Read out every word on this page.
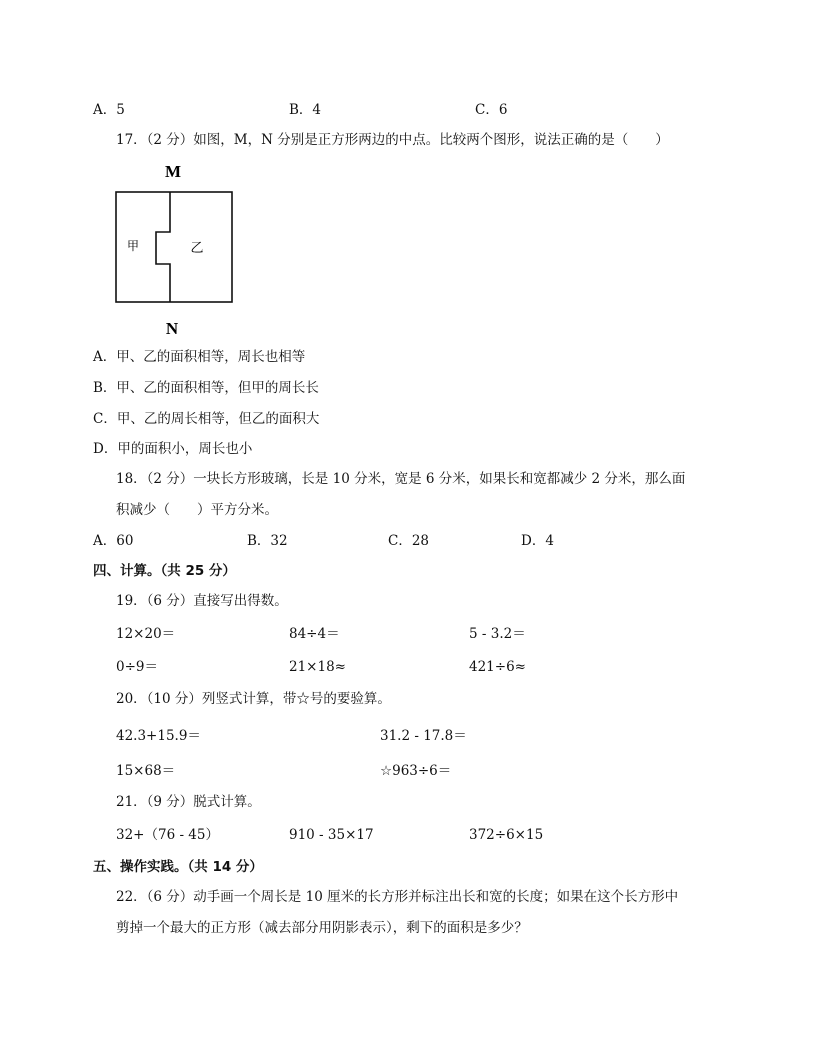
A．5	B．4	C．6
17．（2 分）如图，M，N 分别是正方形两边的中点。比较两个图形，说法正确的是（　　）
M
甲	乙
N
A．甲、乙的面积相等，周长也相等
B．甲、乙的面积相等，但甲的周长长
C．甲、乙的周长相等，但乙的面积大
D．甲的面积小，周长也小
18．（2 分）一块长方形玻璃，长是 10 分米，宽是 6 分米，如果长和宽都减少 2 分米，那么面
积减少（　　）平方分米。
A．60	B．32	C．28	D．4
四、计算。（共 25 分）
19．（6 分）直接写出得数。
12×20＝	84÷4＝	5 - 3.2＝
0÷9＝	21×18≈	421÷6≈
20．（10 分）列竖式计算，带☆号的要验算。
42.3+15.9＝	31.2 - 17.8＝
15×68＝	☆963÷6＝
21．（9 分）脱式计算。
32+（76 - 45）	910 - 35×17	372÷6×15
五、操作实践。（共 14 分）
22．（6 分）动手画一个周长是 10 厘米的长方形并标注出长和宽的长度；如果在这个长方形中
剪掉一个最大的正方形（减去部分用阴影表示），剩下的面积是多少？
